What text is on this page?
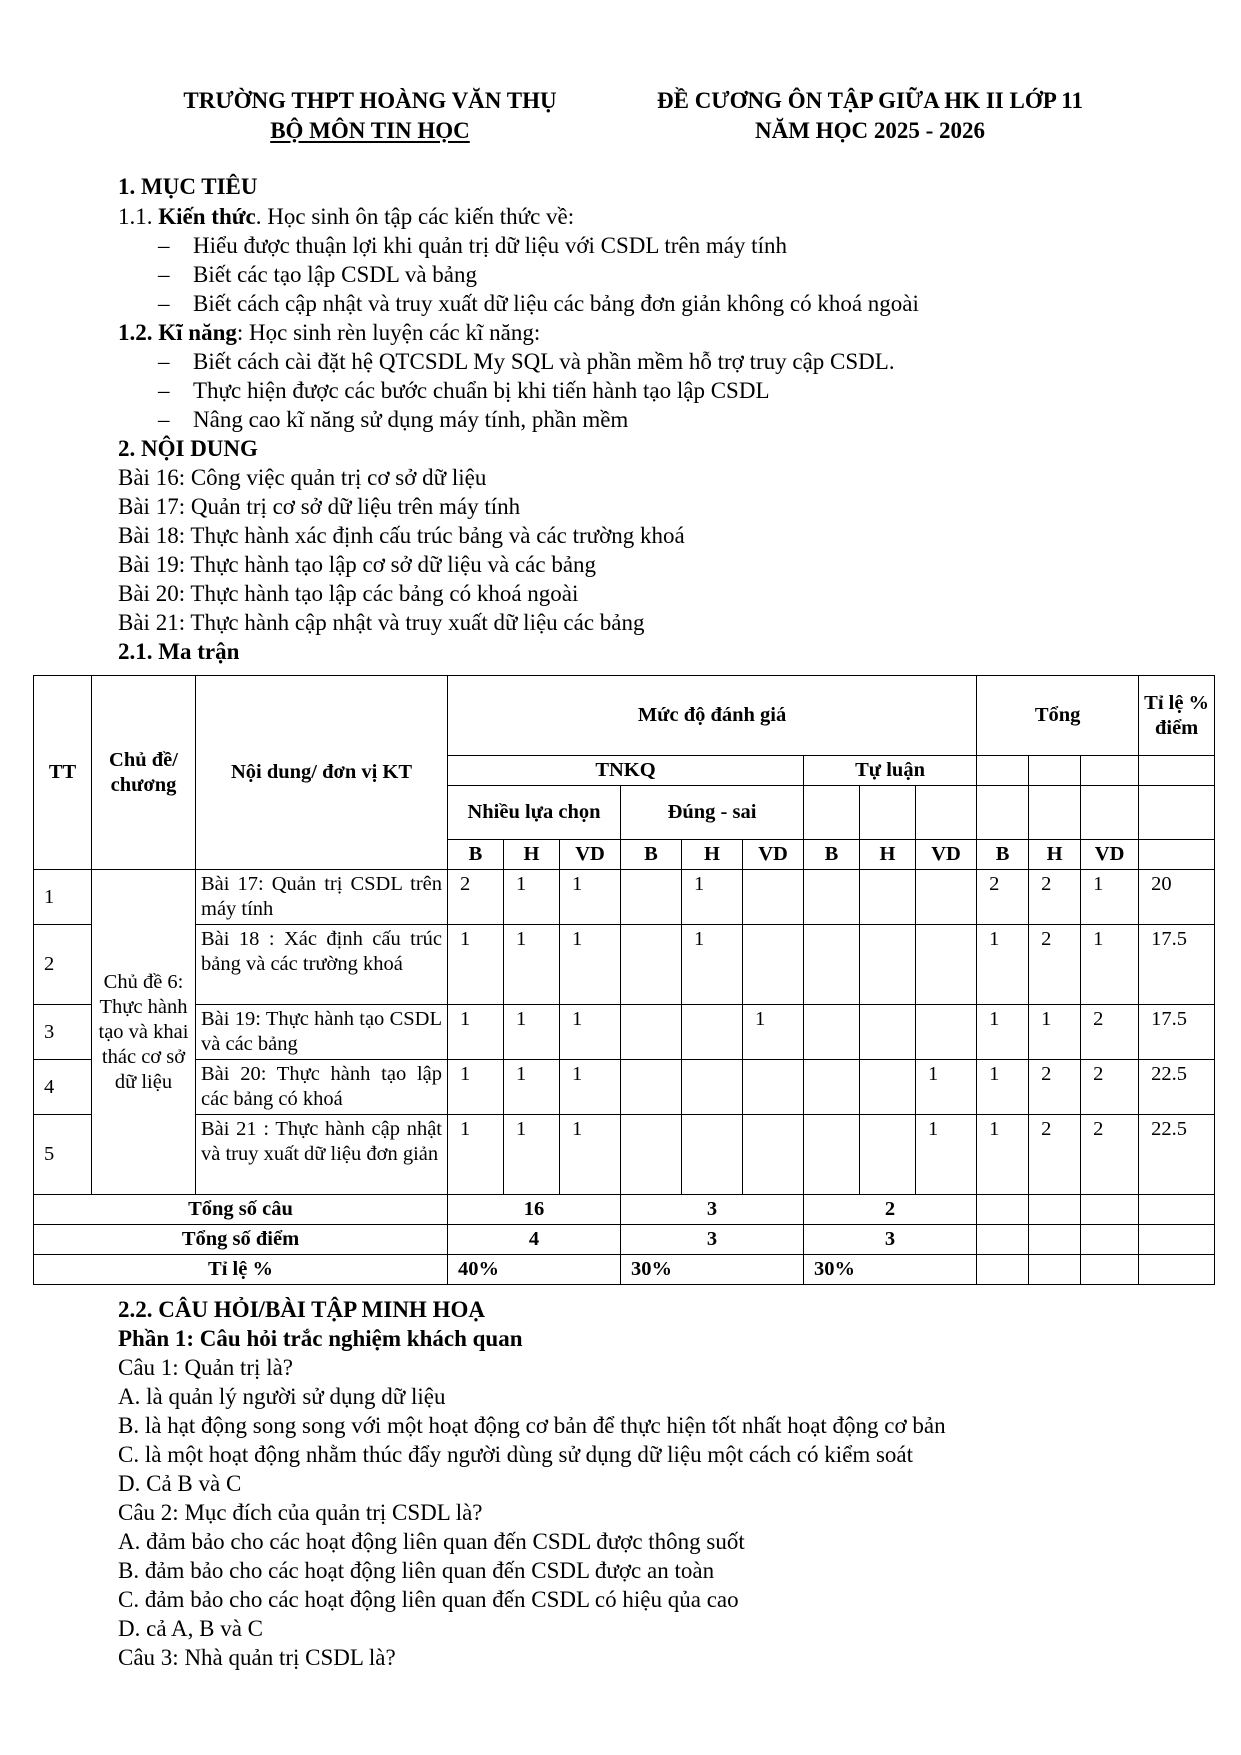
TRƯỜNG THPT HOÀNG VĂN THỤ
BỘ MÔN TIN HỌC
ĐỀ CƯƠNG ÔN TẬP GIỮA HK II LỚP 11
NĂM HỌC 2025 - 2026
1. MỤC TIÊU
1.1. Kiến thức. Học sinh ôn tập các kiến thức về:
– Hiểu được thuận lợi khi quản trị dữ liệu với CSDL trên máy tính
– Biết các tạo lập CSDL và bảng
– Biết cách cập nhật và truy xuất dữ liệu các bảng đơn giản không có khoá ngoài
1.2. Kĩ năng: Học sinh rèn luyện các kĩ năng:
– Biết cách cài đặt hệ QTCSDL My SQL và phần mềm hỗ trợ truy cập CSDL.
– Thực hiện được các bước chuẩn bị khi tiến hành tạo lập CSDL
– Nâng cao kĩ năng sử dụng máy tính, phần mềm
2. NỘI DUNG
Bài 16: Công việc quản trị cơ sở dữ liệu
Bài 17: Quản trị cơ sở dữ liệu trên máy tính
Bài 18: Thực hành xác định cấu trúc bảng và các trường khoá
Bài 19: Thực hành tạo lập cơ sở dữ liệu và các bảng
Bài 20: Thực hành tạo lập các bảng có khoá ngoài
Bài 21: Thực hành cập nhật và truy xuất dữ liệu các bảng
2.1. Ma trận
TT	Chủ đề/ chương	Nội dung/ đơn vị KT	Mức độ đánh giá									Tổng			Tỉ lệ % điểm
			TNKQ						Tự luận						
			Nhiều lựa chọn			Đúng - sai									
			B	H	VD	B	H	VD	B	H	VD	B	H	VD	
1	Chủ đề 6: Thực hành tạo và khai thác cơ sở dữ liệu	Bài 17: Quản trị CSDL trên máy tính	2	1	1		1					2	2	1	20
2		Bài 18 : Xác định cấu trúc bảng và các trường khoá	1	1	1		1					1	2	1	17.5
3		Bài 19: Thực hành tạo CSDL và các bảng	1	1	1			1				1	1	2	17.5
4		Bài 20: Thực hành tạo lập các bảng có khoá	1	1	1						1	1	2	2	22.5
5		Bài 21 : Thực hành cập nhật và truy xuất dữ liệu đơn giản	1	1	1						1	1	2	2	22.5
Tổng số câu			16			3			2						
Tổng số điểm			4			3			3						
Tỉ lệ %			40%			30%			30%						
2.2. CÂU HỎI/BÀI TẬP MINH HOẠ
Phần 1: Câu hỏi trắc nghiệm khách quan
Câu 1: Quản trị là?
A. là quản lý người sử dụng dữ liệu
B. là hạt động song song với một hoạt động cơ bản để thực hiện tốt nhất hoạt động cơ bản
C. là một hoạt động nhằm thúc đẩy người dùng sử dụng dữ liệu một cách có kiểm soát
D. Cả B và C
Câu 2: Mục đích của quản trị CSDL là?
A. đảm bảo cho các hoạt động liên quan đến CSDL được thông suốt
B. đảm bảo cho các hoạt động liên quan đến CSDL được an toàn
C. đảm bảo cho các hoạt động liên quan đến CSDL có hiệu qủa cao
D. cả A, B và C
Câu 3: Nhà quản trị CSDL là?
